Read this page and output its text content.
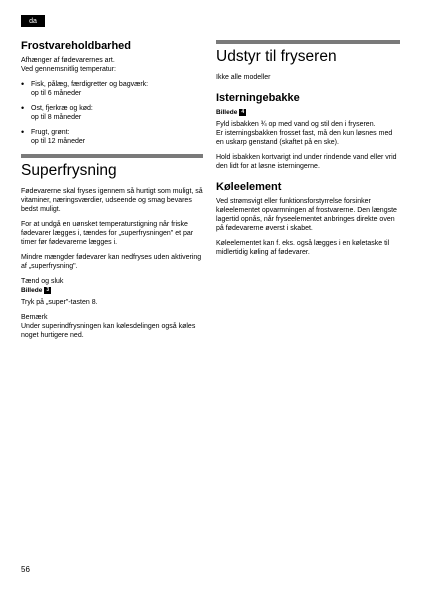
da
Frostvareholdbarhed

Afhænger af fødevarernes art.
Ved gennemsnitlig temperatur:

• Fisk, pålæg, færdigretter og bagværk:
op til 6 måneder
• Ost, fjerkræ og kød:
op til 8 måneder
• Frugt, grønt:
op til 12 måneder
Superfrysning

Fødevarerne skal fryses igennem så hurtigt som muligt, så vitaminer, næringsværdier, udseende og smag bevares bedst muligt.

For at undgå en uønsket temperaturstigning når friske fødevarer lægges i, tændes for „superfrysningen" et par timer før fødevarerne lægges i.

Mindre mængder fødevarer kan nedfryses uden aktivering af „superfrysning".

Tænd og sluk

Billede 3

Tryk på „super"-tasten 8.

Bemærk

Under superindfrysningen kan kølesdelingen også køles noget hurtigere ned.

Udstyr til fryseren

Ikke alle modeller

Isterningebakke
Billede 4

Fyld isbakken ¾ op med vand og stil den i fryseren.
Er isterningsbakken frosset fast, må den kun løsnes med en uskarp genstand (skaftet på en ske).

Hold isbakken kortvarigt ind under rindende vand eller vrid den lidt for at løsne isterningerne.

Køleelement

Ved strømsvigt eller funktionsforstyrrelse forsinker køleelementet opvarmningen af frostvarerne. Den længste lagertid opnås, når fryseelementet anbringes direkte oven på fødevarerne øverst i skabet.

Køleelementet kan f. eks. også lægges i en køletaske til midlertidig køling af fødevarer.

56
